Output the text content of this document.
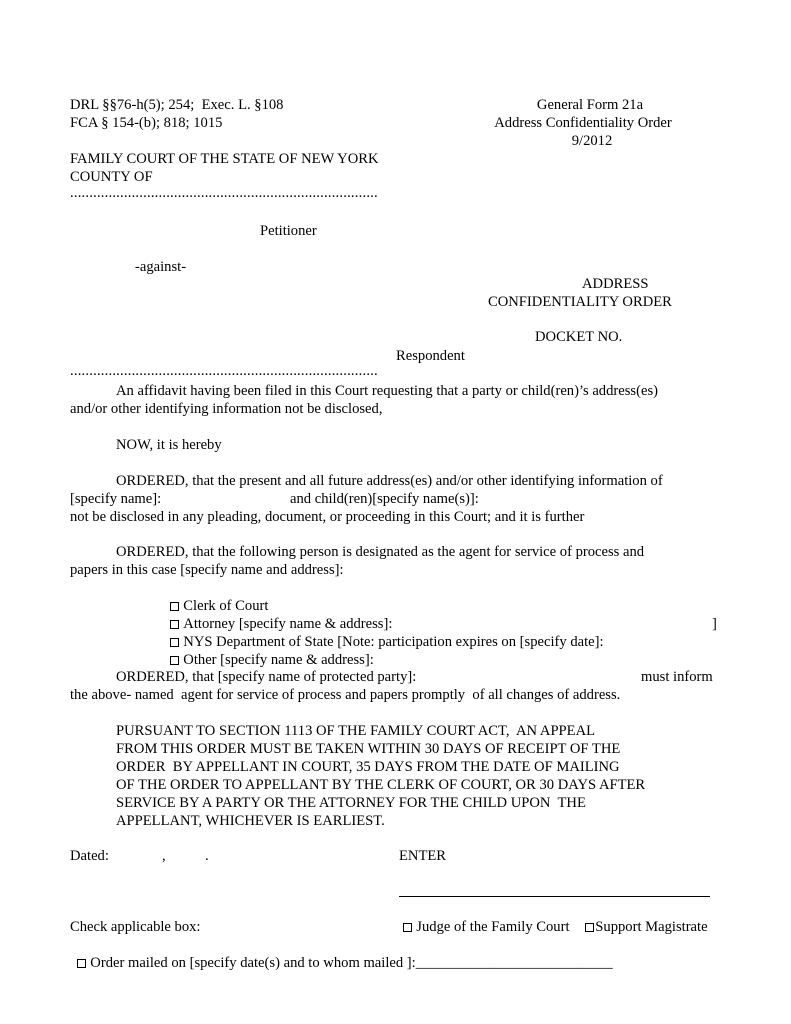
DRL §§76-h(5); 254;  Exec. L. §108
FCA § 154-(b); 818; 1015
General Form 21a
Address Confidentiality Order
9/2012
FAMILY COURT OF THE STATE OF NEW YORK
COUNTY OF
................................................................................
Petitioner
-against-
ADDRESS
CONFIDENTIALITY ORDER
DOCKET NO.
Respondent
................................................................................
An affidavit having been filed in this Court requesting that a party or child(ren)’s address(es)
and/or other identifying information not be disclosed,
NOW, it is hereby
ORDERED, that the present and all future address(es) and/or other identifying information of
[specify name]:	and child(ren)[specify name(s)]:
not be disclosed in any pleading, document, or proceeding in this Court; and it is further
ORDERED, that the following person is designated as the agent for service of process and
papers in this case [specify name and address]:

Clerk of Court

Attorney [specify name & address]:

NYS Department of State [Note: participation expires on [specify date]:

]

Other [specify name & address]:

ORDERED, that [specify name of protected party]:	must inform
the above- named  agent for service of process and papers promptly  of all changes of address.
PURSUANT TO SECTION 1113 OF THE FAMILY COURT ACT,  AN APPEAL
FROM THIS ORDER MUST BE TAKEN WITHIN 30 DAYS OF RECEIPT OF THE
ORDER  BY APPELLANT IN COURT, 35 DAYS FROM THE DATE OF MAILING
OF THE ORDER TO APPELLANT BY THE CLERK OF COURT, OR 30 DAYS AFTER
SERVICE BY A PARTY OR THE ATTORNEY FOR THE CHILD UPON  THE
APPELLANT, WHICHEVER IS EARLIEST.
Dated:	,	.	ENTER

Judge of the Family Court	Support Magistrate

Check applicable box:

Order mailed on [specify date(s) and to whom mailed ]:___________________________
